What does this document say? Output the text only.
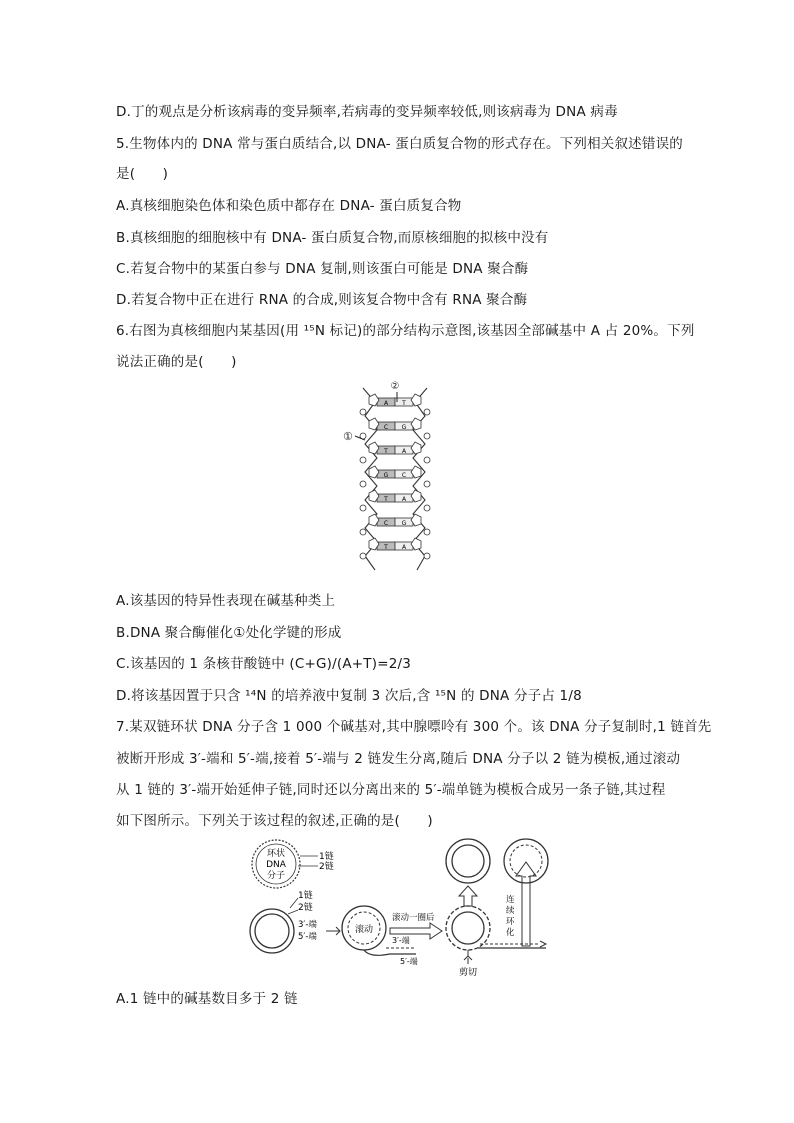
D.丁的观点是分析该病毒的变异频率,若病毒的变异频率较低,则该病毒为 DNA 病毒
5.生物体内的 DNA 常与蛋白质结合,以 DNA- 蛋白质复合物的形式存在。下列相关叙述错误的
是(　　)
A.真核细胞染色体和染色质中都存在 DNA- 蛋白质复合物
B.真核细胞的细胞核中有 DNA- 蛋白质复合物,而原核细胞的拟核中没有
C.若复合物中的某蛋白参与 DNA 复制,则该蛋白可能是 DNA 聚合酶
D.若复合物中正在进行 RNA 的合成,则该复合物中含有 RNA 聚合酶
6.右图为真核细胞内某基因(用 ¹⁵N 标记)的部分结构示意图,该基因全部碱基中 A 占 20%。下列
说法正确的是(　　)
A T
C G
T A
G C
T A
C G
T A
②
①
A.该基因的特异性表现在碱基种类上
B.DNA 聚合酶催化①处化学键的形成
C.该基因的 1 条核苷酸链中 (C+G)/(A+T)=2/3
D.将该基因置于只含 ¹⁴N 的培养液中复制 3 次后,含 ¹⁵N 的 DNA 分子占 1/8
7.某双链环状 DNA 分子含 1 000 个碱基对,其中腺嘌呤有 300 个。该 DNA 分子复制时,1 链首先
被断开形成 3′-端和 5′-端,接着 5′-端与 2 链发生分离,随后 DNA 分子以 2 链为模板,通过滚动
从 1 链的 3′-端开始延伸子链,同时还以分离出来的 5′-端单链为模板合成另一条子链,其过程
如下图所示。下列关于该过程的叙述,正确的是(　　)
环状
DNA
分子
1链
2链
1链
2链
3′-端
5′-端
滚动
3′-端
5′-端
滚动一圈后
剪切
连
续
环
化
A.1 链中的碱基数目多于 2 链
